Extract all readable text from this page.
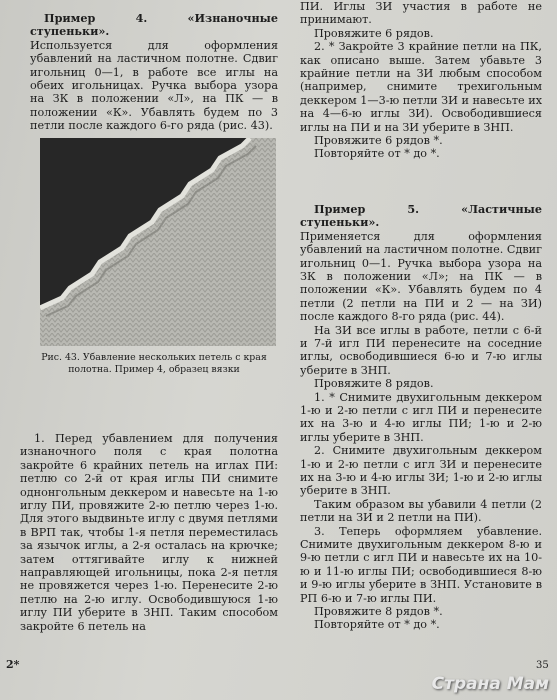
Пример 4. «Изнаночные ступеньки».

Используется для оформления убавлений на ластичном полотне. Сдвиг игольниц 0—1, в работе все иглы на обеих игольницах. Ручка выбора узора на ЗК в положении «Л», на ПК — в положении «К». Убавлять будем по 3 петли после каждого 6-го ряда (рис. 43).

Рис. 43. Убавление нескольких петель с края полотна. Пример 4, образец вязки

1. Перед убавлением для получения изнаночного поля с края полотна закройте 6 крайних петель на иглах ПИ: петлю со 2-й от края иглы ПИ снимите однонгольным деккером и навесьте на 1-ю иглу ПИ, провяжите 2-ю петлю через 1-ю. Для этого выдвиньте иглу с двумя петлями в ВРП так, чтобы 1-я петля переместилась за язычок иглы, а 2-я осталась на крючке; затем оттягивайте иглу к нижней направляющей игольницы, пока 2-я петля не провяжется через 1-ю. Перенесите 2-ю петлю на 2-ю иглу. Освободившуюся 1-ю иглу ПИ уберите в ЗНП. Таким способом закройте 6 петель на

ПИ. Иглы ЗИ участия в работе не принимают.

Провяжите 6 рядов.

2. * Закройте 3 крайние петли на ПК, как описано выше. Затем убавьте 3 крайние петли на ЗИ любым способом (например, снимите трехигольным деккером 1—3-ю петли ЗИ и навесьте их на 4—6-ю иглы ЗИ). Освободившиеся иглы на ПИ и на ЗИ уберите в ЗНП.

Провяжите 6 рядов *.

Повторяйте от * до *.

Пример 5. «Ластичные ступеньки».

Применяется для оформления убавлений на ластичном полотне. Сдвиг игольниц 0—1. Ручка выбора узора на ЗК в положении «Л»; на ПК — в положении «К». Убавлять будем по 4 петли (2 петли на ПИ и 2 — на ЗИ) после каждого 8-го ряда (рис. 44).

На ЗИ все иглы в работе, петли с 6-й и 7-й игл ПИ перенесите на соседние иглы, освободившиеся 6-ю и 7-ю иглы уберите в ЗНП.

Провяжите 8 рядов.

1. * Снимите двухигольным деккером 1-ю и 2-ю петли с игл ПИ и перенесите их на 3-ю и 4-ю иглы ПИ; 1-ю и 2-ю иглы уберите в ЗНП.

2. Снимите двухигольным деккером 1-ю и 2-ю петли с игл ЗИ и перенесите их на 3-ю и 4-ю иглы ЗИ; 1-ю и 2-ю иглы уберите в ЗНП.

Таким образом вы убавили 4 петли (2 петли на ЗИ и 2 петли на ПИ).

3. Теперь оформляем убавление. Снимите двухигольным деккером 8-ю и 9-ю петли с игл ПИ и навесьте их на 10-ю и 11-ю иглы ПИ; освободившиеся 8-ю и 9-ю иглы уберите в ЗНП. Установите в РП 6-ю и 7-ю иглы ПИ.

Провяжите 8 рядов *.

Повторяйте от * до *.

2*	35
Страна Мам
